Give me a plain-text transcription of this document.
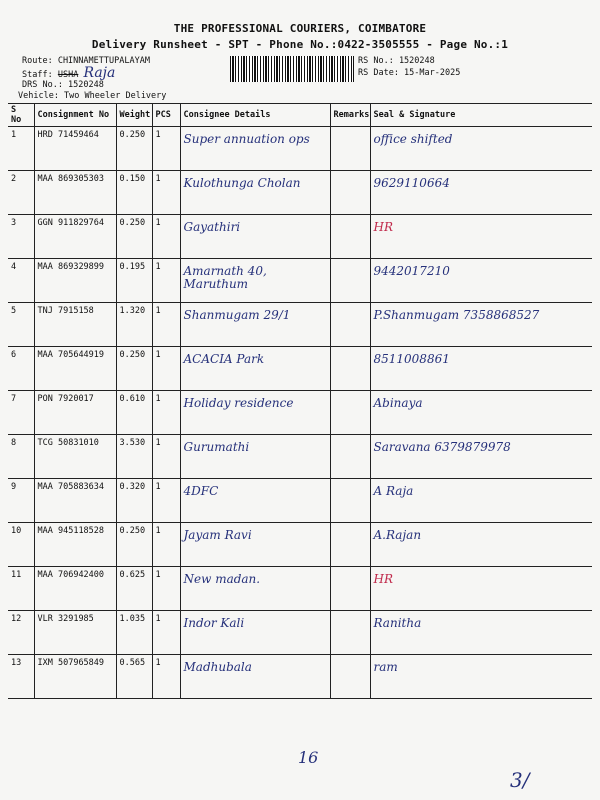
THE PROFESSIONAL COURIERS, COIMBATORE
Delivery Runsheet - SPT - Phone No.:0422-3505555 - Page No.:1
Route: CHINNAMETTUPALAYAM
Staff: USHA Raja
DRS No.: 1520248
Vehicle: Two Wheeler Delivery
RS No.: 1520248
RS Date: 15-Mar-2025
S No	Consignment No	Weight	PCS	Consignee Details	Remarks	Seal & Signature
1	HRD 71459464	0.250	1	Super annuation ops		office shifted

2	MAA 869305303	0.150	1	Kulothunga Cholan		9629110664

3	GGN 911829764	0.250	1	Gayathiri		HR

4	MAA 869329899	0.195	1	Amarnath 40, Maruthum		9442017210

5	TNJ 7915158	1.320	1	Shanmugam 29/1		P.Shanmugam 7358868527

6	MAA 705644919	0.250	1	ACACIA Park		8511008861

7	PON 7920017	0.610	1	Holiday residence		Abinaya

8	TCG 50831010	3.530	1	Gurumathi		Saravana 6379879978

9	MAA 705883634	0.320	1	4DFC		A Raja

10	MAA 945118528	0.250	1	Jayam Ravi		A.Rajan

11	MAA 706942400	0.625	1	New madan.		HR

12	VLR 3291985	1.035	1	Indor Kali		Ranitha

13	IXM 507965849	0.565	1	Madhubala		ram
16
3/
